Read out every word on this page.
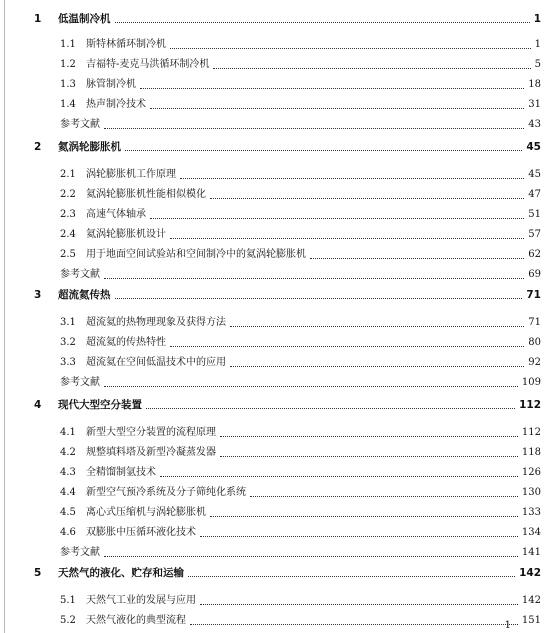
1	低温制冷机	1
1.1	斯特林循环制冷机	1
1.2	吉福特-麦克马洪循环制冷机	5
1.3	脉管制冷机	18
1.4	热声制冷技术	31
参考文献	43
2	氦涡轮膨胀机	45
2.1	涡轮膨胀机工作原理	45
2.2	氦涡轮膨胀机性能相似模化	47
2.3	高速气体轴承	51
2.4	氦涡轮膨胀机设计	57
2.5	用于地面空间试验站和空间制冷中的氦涡轮膨胀机	62
参考文献	69
3	超流氦传热	71
3.1	超流氦的热物理现象及获得方法	71
3.2	超流氦的传热特性	80
3.3	超流氦在空间低温技术中的应用	92
参考文献	109
4	现代大型空分装置	112
4.1	新型大型空分装置的流程原理	112
4.2	规整填料塔及新型冷凝蒸发器	118
4.3	全精馏制氩技术	126
4.4	新型空气预冷系统及分子筛纯化系统	130
4.5	离心式压缩机与涡轮膨胀机	133
4.6	双膨胀中压循环液化技术	134
参考文献	141
5	天然气的液化、贮存和运输	142
5.1	天然气工业的发展与应用	142
5.2	天然气液化的典型流程	151
1
